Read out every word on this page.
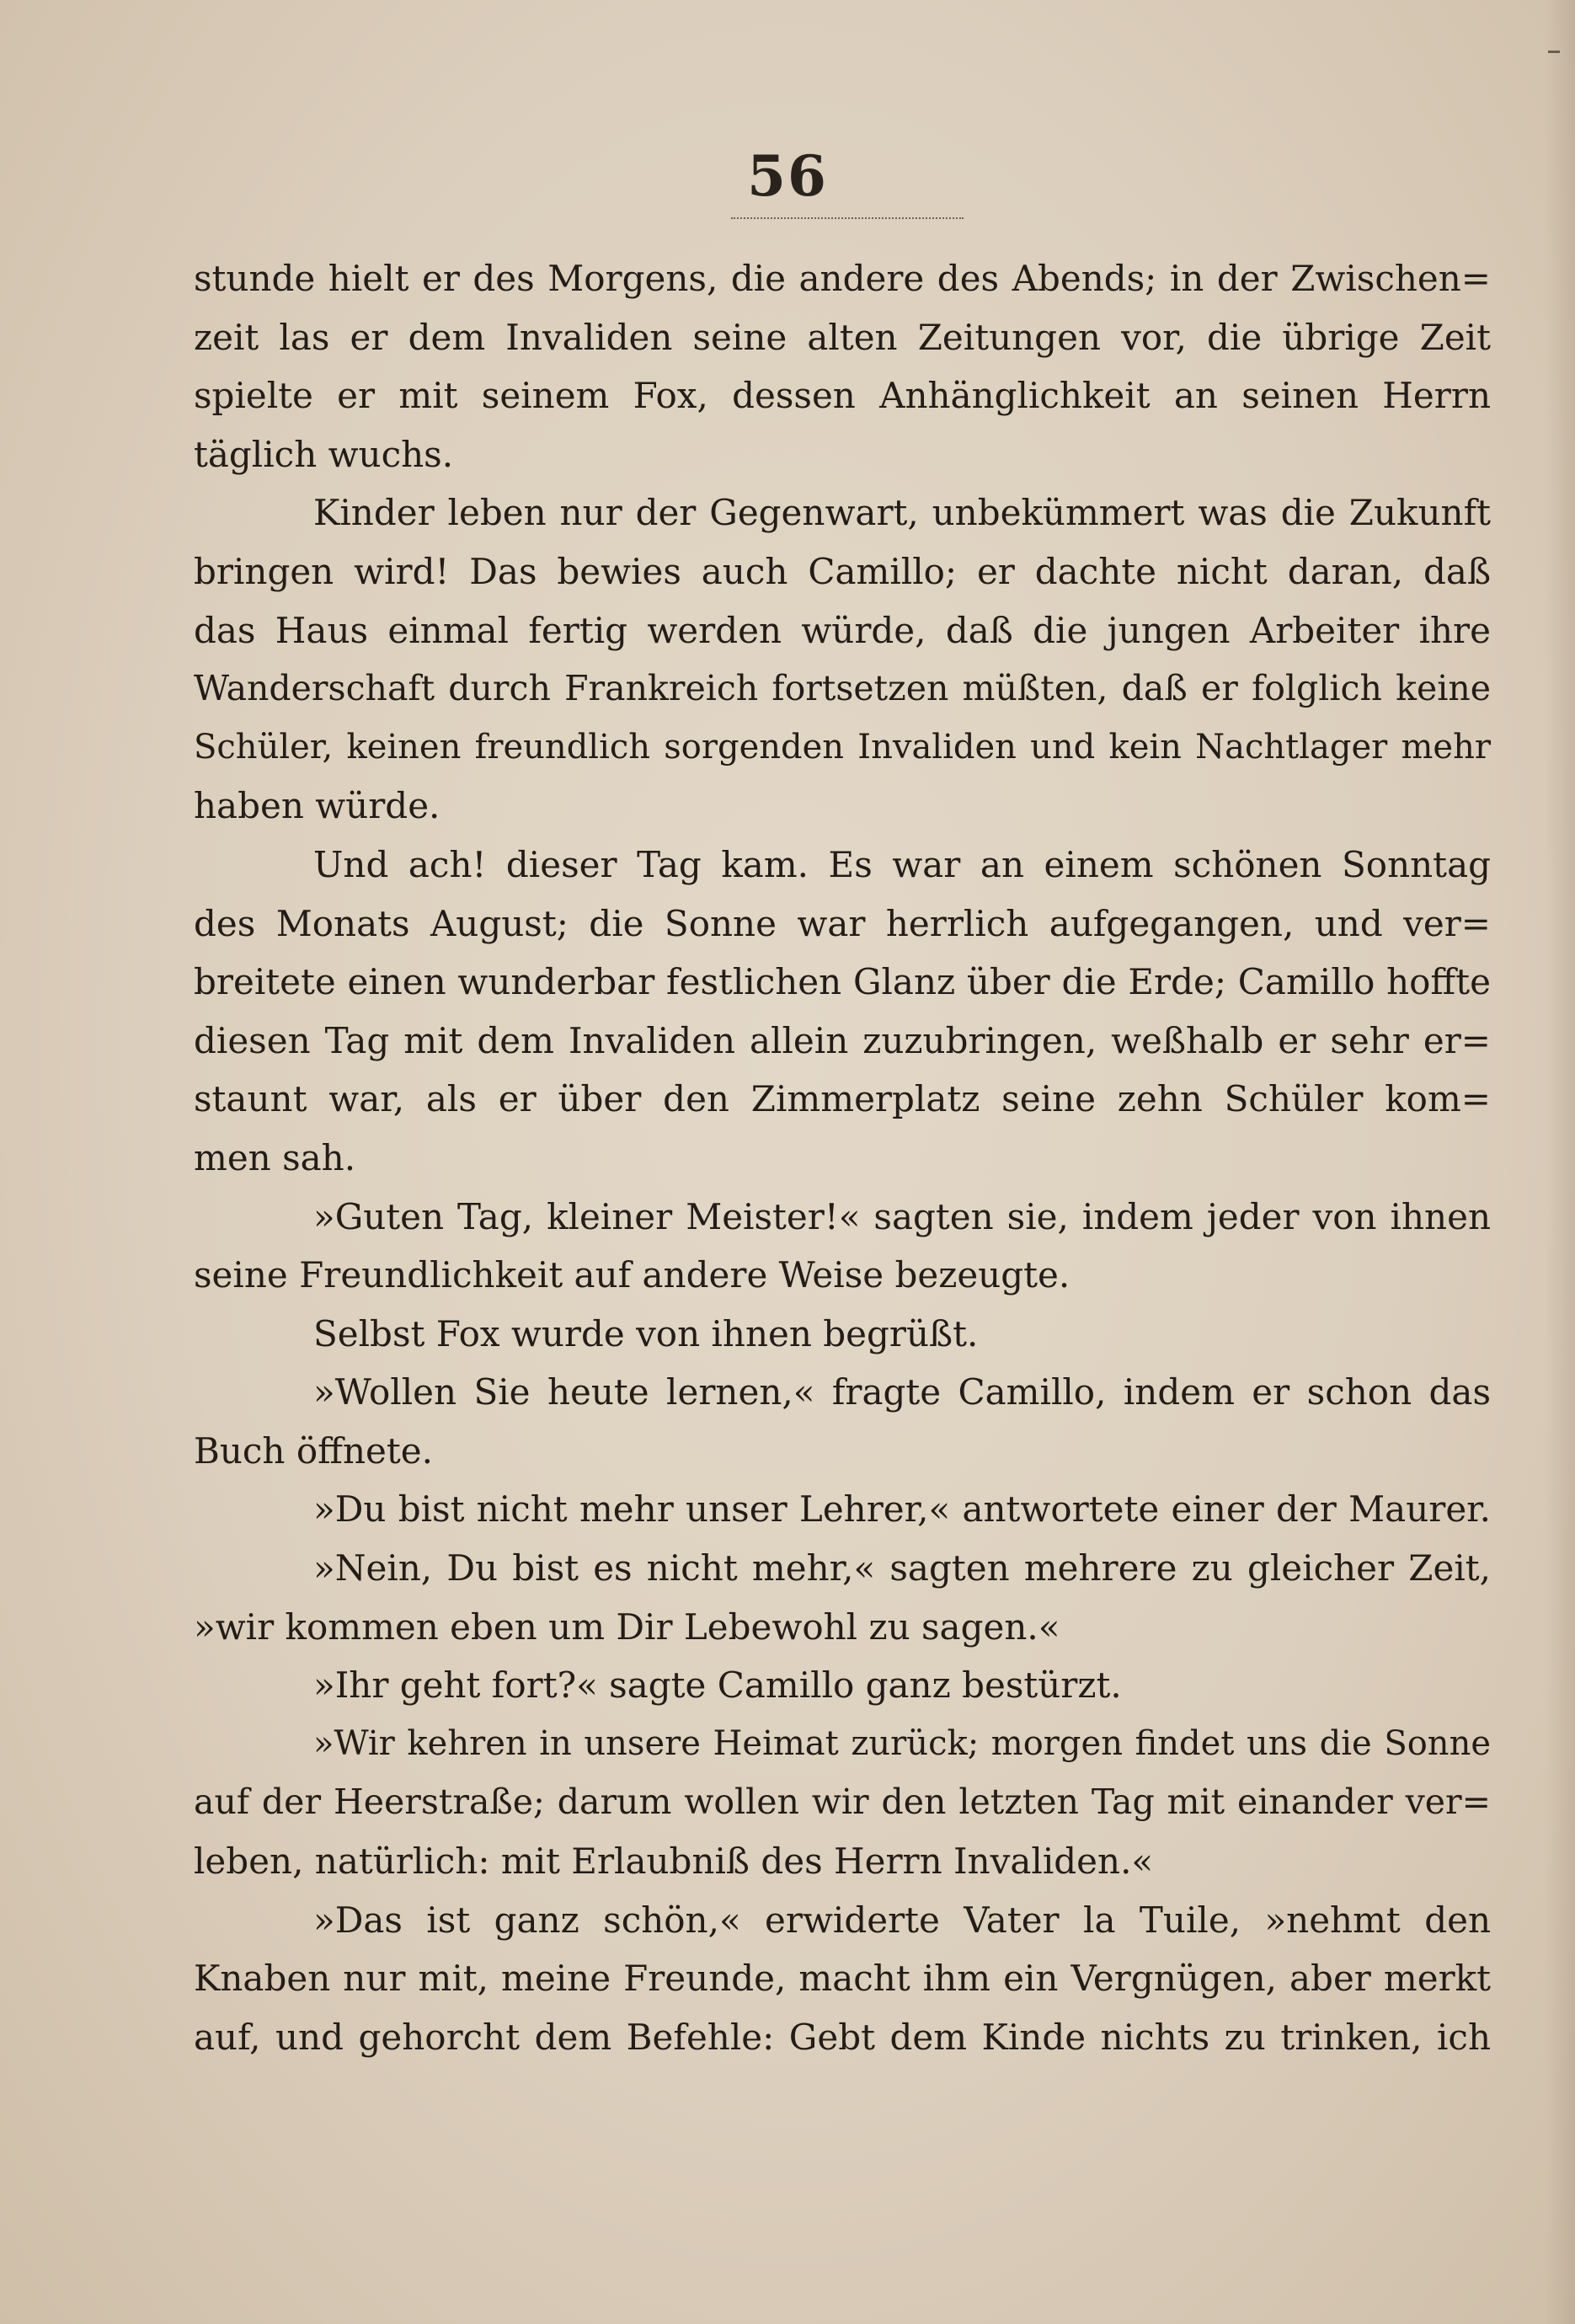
56
stunde hielt er des Morgens, die andere des Abends; in der Zwischen=
zeit las er dem Invaliden seine alten Zeitungen vor, die übrige Zeit
spielte er mit seinem Fox, dessen Anhänglichkeit an seinen Herrn
täglich wuchs.
Kinder leben nur der Gegenwart, unbekümmert was die Zukunft
bringen wird! Das bewies auch Camillo; er dachte nicht daran, daß
das Haus einmal fertig werden würde, daß die jungen Arbeiter ihre
Wanderschaft durch Frankreich fortsetzen müßten, daß er folglich keine
Schüler, keinen freundlich sorgenden Invaliden und kein Nachtlager mehr
haben würde.
Und ach! dieser Tag kam. Es war an einem schönen Sonntag
des Monats August; die Sonne war herrlich aufgegangen, und ver=
breitete einen wunderbar festlichen Glanz über die Erde; Camillo hoffte
diesen Tag mit dem Invaliden allein zuzubringen, weßhalb er sehr er=
staunt war, als er über den Zimmerplatz seine zehn Schüler kom=
men sah.
»Guten Tag, kleiner Meister!« sagten sie, indem jeder von ihnen
seine Freundlichkeit auf andere Weise bezeugte.
Selbst Fox wurde von ihnen begrüßt.
»Wollen Sie heute lernen,« fragte Camillo, indem er schon das
Buch öffnete.
»Du bist nicht mehr unser Lehrer,« antwortete einer der Maurer.
»Nein, Du bist es nicht mehr,« sagten mehrere zu gleicher Zeit,
»wir kommen eben um Dir Lebewohl zu sagen.«
»Ihr geht fort?« sagte Camillo ganz bestürzt.
»Wir kehren in unsere Heimat zurück; morgen findet uns die Sonne
auf der Heerstraße; darum wollen wir den letzten Tag mit einander ver=
leben, natürlich: mit Erlaubniß des Herrn Invaliden.«
»Das ist ganz schön,« erwiderte Vater la Tuile, »nehmt den
Knaben nur mit, meine Freunde, macht ihm ein Vergnügen, aber merkt
auf, und gehorcht dem Befehle: Gebt dem Kinde nichts zu trinken, ich
